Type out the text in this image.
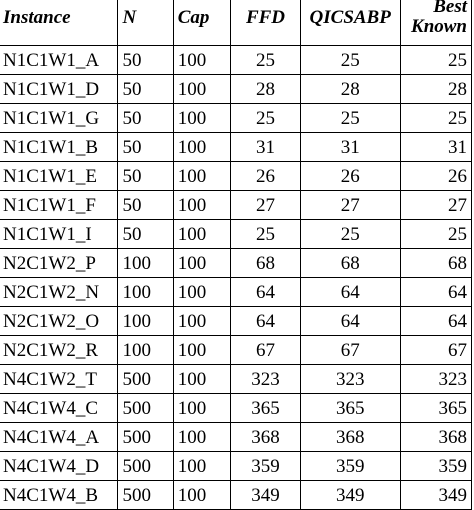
Instance	N	Cap	FFD	QICSABP	Best
Known

N1C1W1_A	50	100	25	25	25
N1C1W1_D	50	100	28	28	28
N1C1W1_G	50	100	25	25	25
N1C1W1_B	50	100	31	31	31
N1C1W1_E	50	100	26	26	26
N1C1W1_F	50	100	27	27	27
N1C1W1_I	50	100	25	25	25
N2C1W2_P	100	100	68	68	68
N2C1W2_N	100	100	64	64	64
N2C1W2_O	100	100	64	64	64
N2C1W2_R	100	100	67	67	67
N4C1W2_T	500	100	323	323	323
N4C1W4_C	500	100	365	365	365
N4C1W4_A	500	100	368	368	368
N4C1W4_D	500	100	359	359	359
N4C1W4_B	500	100	349	349	349
